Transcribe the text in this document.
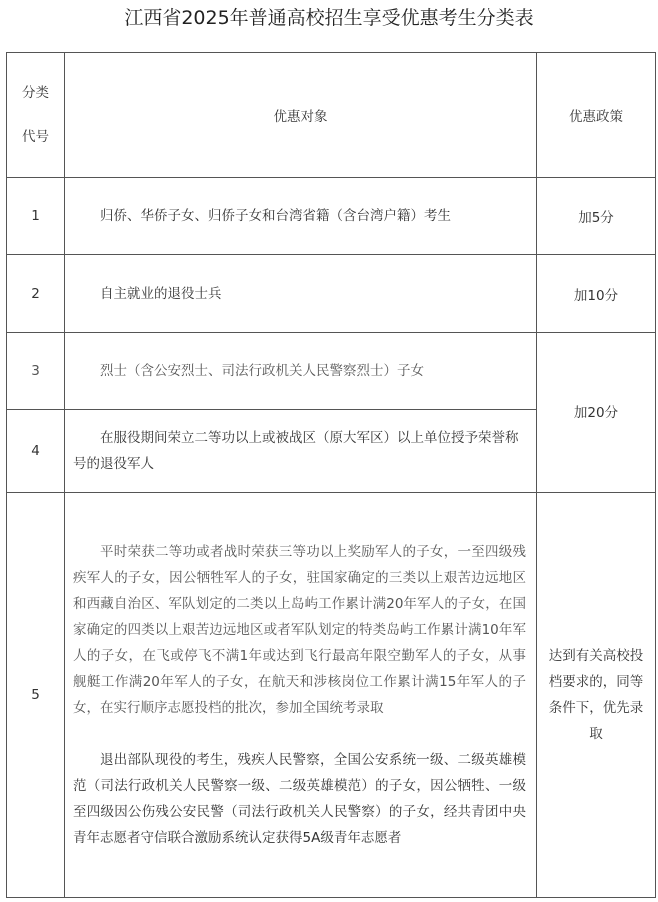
江西省2025年普通高校招生享受优惠考生分类表
分类
代号	优惠对象	优惠政策
1	归侨、华侨子女、归侨子女和台湾省籍（含台湾户籍）考生	加5分
2	自主就业的退役士兵	加10分
3	烈士（含公安烈士、司法行政机关人民警察烈士）子女	加20分
4	在服役期间荣立二等功以上或被战区（原大军区）以上单位授予荣誉称号的退役军人	
5	平时荣获二等功或者战时荣获三等功以上奖励军人的子女，一至四级残疾军人的子女，因公牺牲军人的子女，驻国家确定的三类以上艰苦边远地区和西藏自治区、军队划定的二类以上岛屿工作累计满20年军人的子女，在国家确定的四类以上艰苦边远地区或者军队划定的特类岛屿工作累计满10年军人的子女，在飞或停飞不满1年或达到飞行最高年限空勤军人的子女，从事舰艇工作满20年军人的子女，在航天和涉核岗位工作累计满15年军人的子女，在实行顺序志愿投档的批次，参加全国统考录取

退出部队现役的考生，残疾人民警察，全国公安系统一级、二级英雄模范（司法行政机关人民警察一级、二级英雄模范）的子女，因公牺牲、一级至四级因公伤残公安民警（司法行政机关人民警察）的子女，经共青团中央青年志愿者守信联合激励系统认定获得5A级青年志愿者	达到有关高校投档要求的，同等条件下，优先录取
